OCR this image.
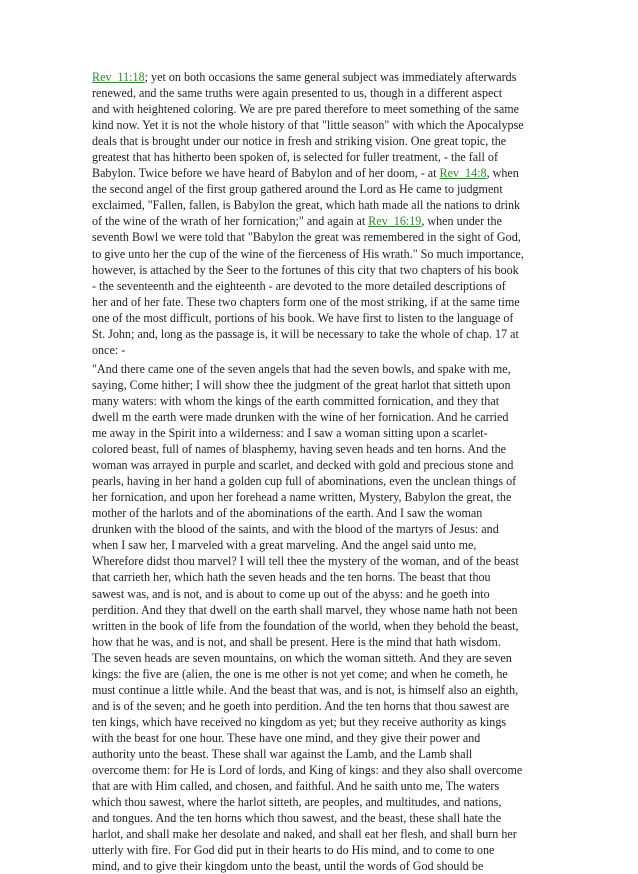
Rev_11:18; yet on both occasions the same general subject was immediately afterwards
renewed, and the same truths were again presented to us, though in a different aspect
and with heightened coloring. We are pre pared therefore to meet something of the same
kind now. Yet it is not the whole history of that "little season" with which the Apocalypse
deals that is brought under our notice in fresh and striking vision. One great topic, the
greatest that has hitherto been spoken of, is selected for fuller treatment, - the fall of
Babylon. Twice before we have heard of Babylon and of her doom, - at Rev_14:8, when
the second angel of the first group gathered around the Lord as He came to judgment
exclaimed, "Fallen, fallen, is Babylon the great, which hath made all the nations to drink
of the wine of the wrath of her fornication;" and again at Rev_16:19, when under the
seventh Bowl we were told that "Babylon the great was remembered in the sight of God,
to give unto her the cup of the wine of the fierceness of His wrath." So much importance,
however, is attached by the Seer to the fortunes of this city that two chapters of his book
- the seventeenth and the eighteenth - are devoted to the more detailed descriptions of
her and of her fate. These two chapters form one of the most striking, if at the same time
one of the most difficult, portions of his book. We have first to listen to the language of
St. John; and, long as the passage is, it will be necessary to take the whole of chap. 17 at
once: -
"And there came one of the seven angels that had the seven bowls, and spake with me,
saying, Come hither; I will show thee the judgment of the great harlot that sitteth upon
many waters: with whom the kings of the earth committed fornication, and they that
dwell m the earth were made drunken with the wine of her fornication. And he carried
me away in the Spirit into a wilderness: and I saw a woman sitting upon a scarlet-
colored beast, full of names of blasphemy, having seven heads and ten horns. And the
woman was arrayed in purple and scarlet, and decked with gold and precious stone and
pearls, having in her hand a golden cup full of abominations, even the unclean things of
her fornication, and upon her forehead a name written, Mystery, Babylon the great, the
mother of the harlots and of the abominations of the earth. And I saw the woman
drunken with the blood of the saints, and with the blood of the martyrs of Jesus: and
when I saw her, I marveled with a great marveling. And the angel said unto me,
Wherefore didst thou marvel? I will tell thee the mystery of the woman, and of the beast
that carrieth her, which hath the seven heads and the ten horns. The beast that thou
sawest was, and is not, and is about to come up out of the abyss: and he goeth into
perdition. And they that dwell on the earth shall marvel, they whose name hath not been
written in the book of life from the foundation of the world, when they behold the beast,
how that he was, and is not, and shall be present. Here is the mind that hath wisdom.
The seven heads are seven mountains, on which the woman sitteth. And they are seven
kings: the five are (alien, the one is me other is not yet come; and when he cometh, he
must continue a little while. And the beast that was, and is not, is himself also an eighth,
and is of the seven; and he goeth into perdition. And the ten horns that thou sawest are
ten kings, which have received no kingdom as yet; but they receive authority as kings
with the beast for one hour. These have one mind, and they give their power and
authority unto the beast. These shall war against the Lamb, and the Lamb shall
overcome them: for He is Lord of lords, and King of kings: and they also shall overcome
that are with Him called, and chosen, and faithful. And he saith unto me, The waters
which thou sawest, where the harlot sitteth, are peoples, and multitudes, and nations,
and tongues. And the ten horns which thou sawest, and the beast, these shall hate the
harlot, and shall make her desolate and naked, and shall eat her flesh, and shall burn her
utterly with fire. For God did put in their hearts to do His mind, and to come to one
mind, and to give their kingdom unto the beast, until the words of God should be
